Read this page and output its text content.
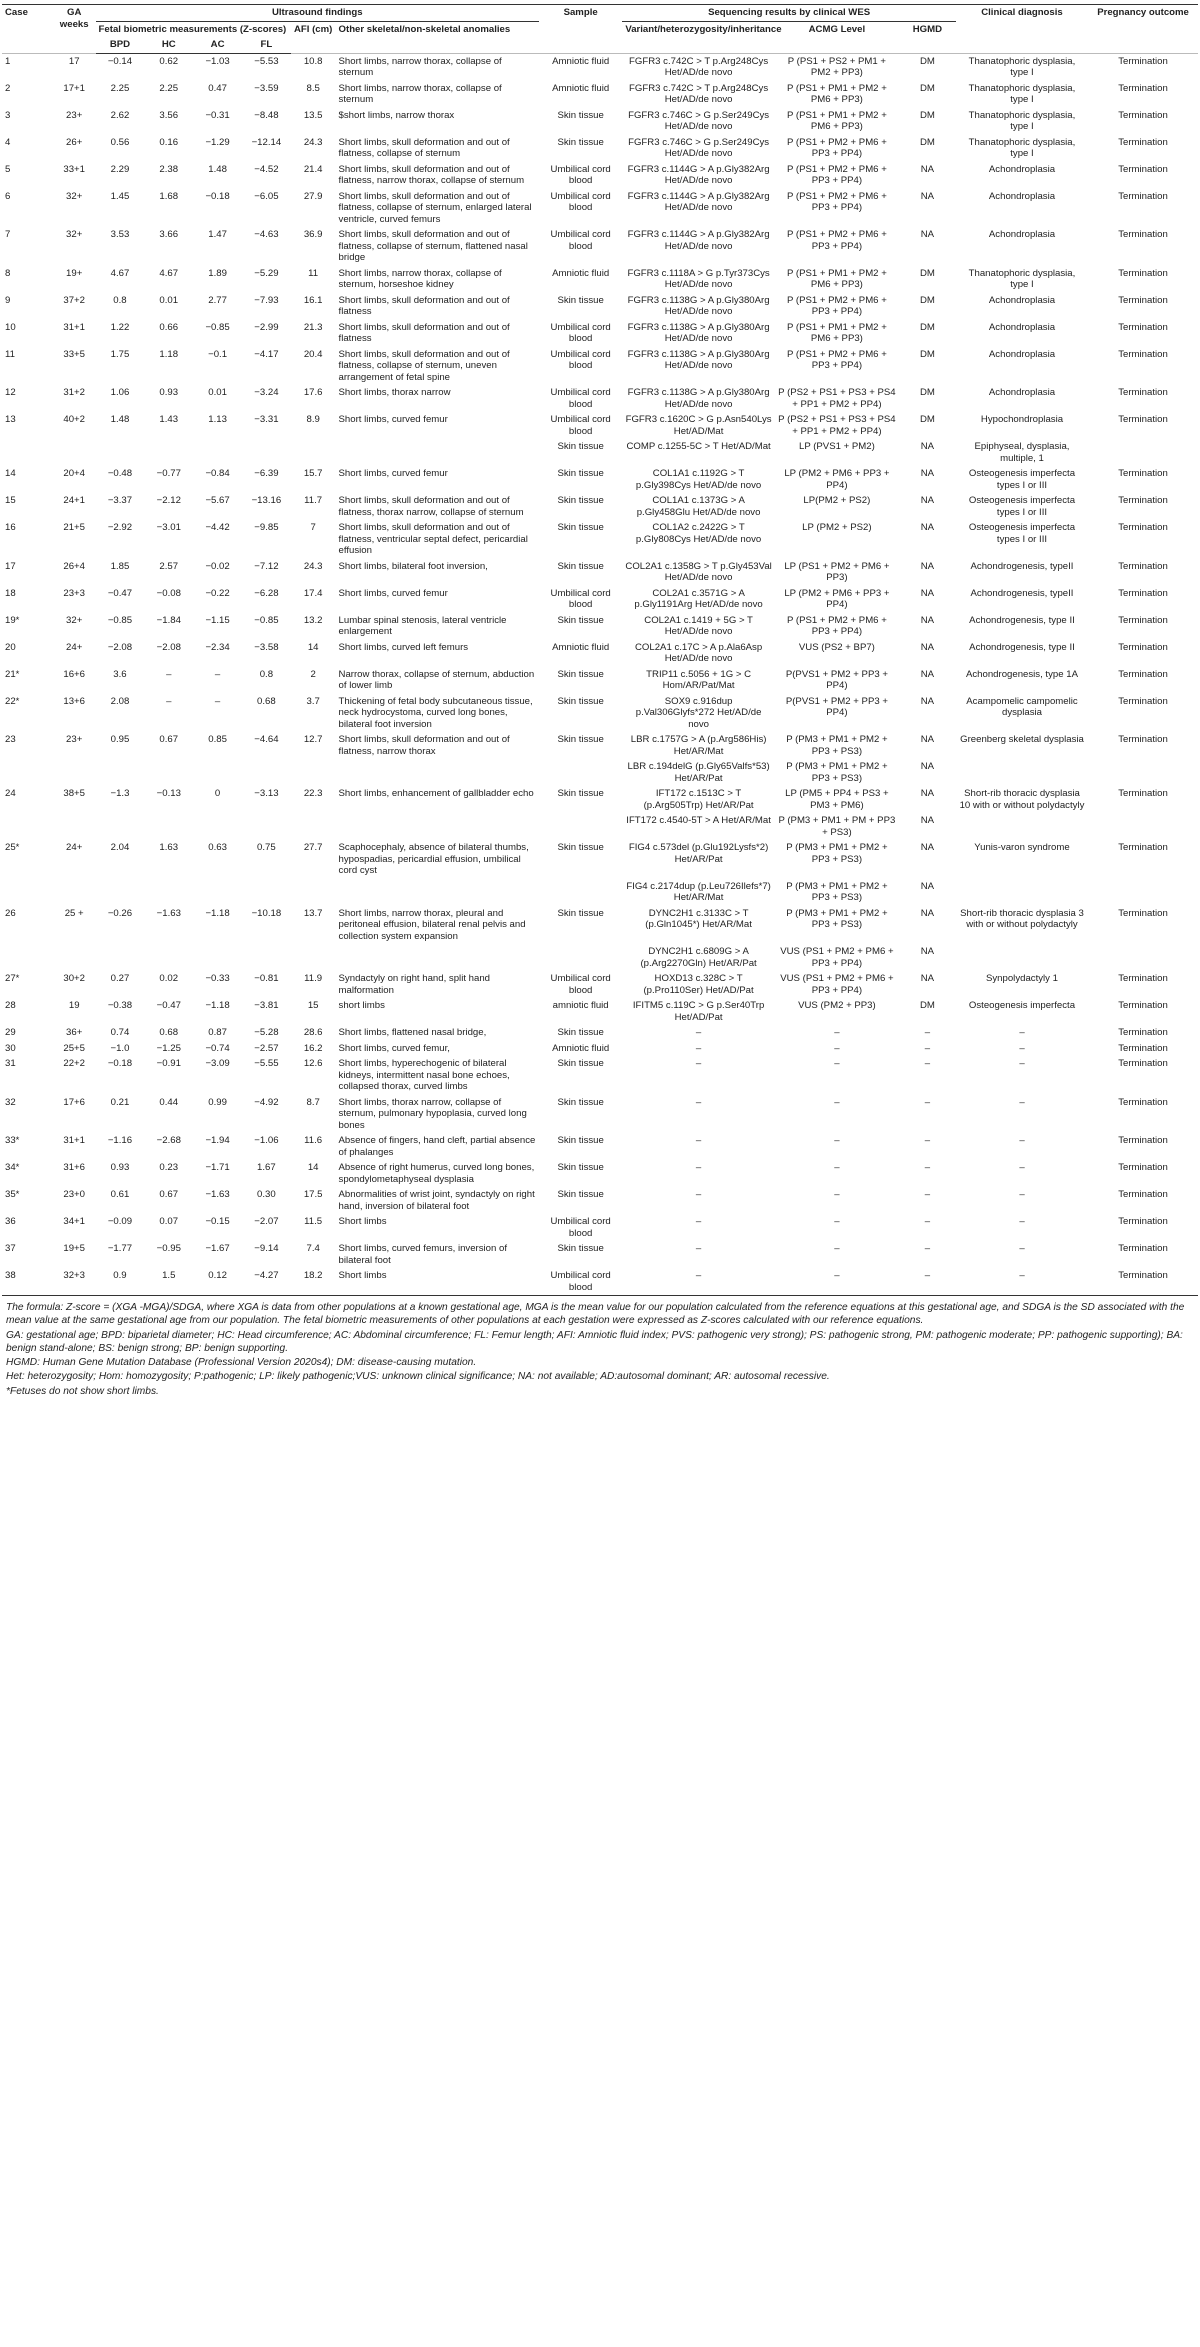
Case	GA weeks	Ultrasound findings						Sample	Sequencing results by clinical WES			Clinical diagnosis	Pregnancy outcome
		Fetal biometric measurements (Z-scores)				AFI (cm)	Other skeletal/non-skeletal anomalies		Variant/heterozygosity/inheritance	ACMG Level	HGMD		
		BPD	HC	AC	FL								
1	17	−0.14	0.62	−1.03	−5.53	10.8	Short limbs, narrow thorax, collapse of sternum	Amniotic fluid	FGFR3 c.742C > T p.Arg248Cys Het/AD/de novo	P (PS1 + PS2 + PM1 + PM2 + PP3)	DM	Thanatophoric dysplasia, type I	Termination
2	17+1	2.25	2.25	0.47	−3.59	8.5	Short limbs, narrow thorax, collapse of sternum	Amniotic fluid	FGFR3 c.742C > T p.Arg248Cys Het/AD/de novo	P (PS1 + PM1 + PM2 + PM6 + PP3)	DM	Thanatophoric dysplasia, type I	Termination
3	23+	2.62	3.56	−0.31	−8.48	13.5	$short limbs, narrow thorax	Skin tissue	FGFR3 c.746C > G p.Ser249Cys Het/AD/de novo	P (PS1 + PM1 + PM2 + PM6 + PP3)	DM	Thanatophoric dysplasia, type I	Termination
4	26+	0.56	0.16	−1.29	−12.14	24.3	Short limbs, skull deformation and out of flatness, collapse of sternum	Skin tissue	FGFR3 c.746C > G p.Ser249Cys Het/AD/de novo	P (PS1 + PM2 + PM6 + PP3 + PP4)	DM	Thanatophoric dysplasia, type I	Termination
5	33+1	2.29	2.38	1.48	−4.52	21.4	Short limbs, skull deformation and out of flatness, narrow thorax, collapse of sternum	Umbilical cord blood	FGFR3 c.1144G > A p.Gly382Arg Het/AD/de novo	P (PS1 + PM2 + PM6 + PP3 + PP4)	NA	Achondroplasia	Termination
6	32+	1.45	1.68	−0.18	−6.05	27.9	Short limbs, skull deformation and out of flatness, collapse of sternum, enlarged lateral ventricle, curved femurs	Umbilical cord blood	FGFR3 c.1144G > A p.Gly382Arg Het/AD/de novo	P (PS1 + PM2 + PM6 + PP3 + PP4)	NA	Achondroplasia	Termination
7	32+	3.53	3.66	1.47	−4.63	36.9	Short limbs, skull deformation and out of flatness, collapse of sternum, flattened nasal bridge	Umbilical cord blood	FGFR3 c.1144G > A p.Gly382Arg Het/AD/de novo	P (PS1 + PM2 + PM6 + PP3 + PP4)	NA	Achondroplasia	Termination
8	19+	4.67	4.67	1.89	−5.29	11	Short limbs, narrow thorax, collapse of sternum, horseshoe kidney	Amniotic fluid	FGFR3 c.1118A > G p.Tyr373Cys Het/AD/de novo	P (PS1 + PM1 + PM2 + PM6 + PP3)	DM	Thanatophoric dysplasia, type I	Termination
9	37+2	0.8	0.01	2.77	−7.93	16.1	Short limbs, skull deformation and out of flatness	Skin tissue	FGFR3 c.1138G > A p.Gly380Arg Het/AD/de novo	P (PS1 + PM2 + PM6 + PP3 + PP4)	DM	Achondroplasia	Termination
10	31+1	1.22	0.66	−0.85	−2.99	21.3	Short limbs, skull deformation and out of flatness	Umbilical cord blood	FGFR3 c.1138G > A p.Gly380Arg Het/AD/de novo	P (PS1 + PM1 + PM2 + PM6 + PP3)	DM	Achondroplasia	Termination
11	33+5	1.75	1.18	−0.1	−4.17	20.4	Short limbs, skull deformation and out of flatness, collapse of sternum, uneven arrangement of fetal spine	Umbilical cord blood	FGFR3 c.1138G > A p.Gly380Arg Het/AD/de novo	P (PS1 + PM2 + PM6 + PP3 + PP4)	DM	Achondroplasia	Termination
12	31+2	1.06	0.93	0.01	−3.24	17.6	Short limbs, thorax narrow	Umbilical cord blood	FGFR3 c.1138G > A p.Gly380Arg Het/AD/de novo	P (PS2 + PS1 + PS3 + PS4 + PP1 + PM2 + PP4)	DM	Achondroplasia	Termination
13	40+2	1.48	1.43	1.13	−3.31	8.9	Short limbs, curved femur	Umbilical cord blood	FGFR3 c.1620C > G p.Asn540Lys Het/AD/Mat	P (PS2 + PS1 + PS3 + PS4 + PP1 + PM2 + PP4)	DM	Hypochondroplasia	Termination
								Skin tissue	COMP c.1255-5C > T Het/AD/Mat	LP (PVS1 + PM2)	NA	Epiphyseal, dysplasia, multiple, 1	
14	20+4	−0.48	−0.77	−0.84	−6.39	15.7	Short limbs, curved femur	Skin tissue	COL1A1 c.1192G > T p.Gly398Cys Het/AD/de novo	LP (PM2 + PM6 + PP3 + PP4)	NA	Osteogenesis imperfecta types I or III	Termination
15	24+1	−3.37	−2.12	−5.67	−13.16	11.7	Short limbs, skull deformation and out of flatness, thorax narrow, collapse of sternum	Skin tissue	COL1A1 c.1373G > A p.Gly458Glu Het/AD/de novo	LP(PM2 + PS2)	NA	Osteogenesis imperfecta types I or III	Termination
16	21+5	−2.92	−3.01	−4.42	−9.85	7	Short limbs, skull deformation and out of flatness, ventricular septal defect, pericardial effusion	Skin tissue	COL1A2 c.2422G > T p.Gly808Cys Het/AD/de novo	LP (PM2 + PS2)	NA	Osteogenesis imperfecta types I or III	Termination
17	26+4	1.85	2.57	−0.02	−7.12	24.3	Short limbs, bilateral foot inversion,	Skin tissue	COL2A1 c.1358G > T p.Gly453Val Het/AD/de novo	LP (PS1 + PM2 + PM6 + PP3)	NA	Achondrogenesis, typeII	Termination
18	23+3	−0.47	−0.08	−0.22	−6.28	17.4	Short limbs, curved femur	Umbilical cord blood	COL2A1 c.3571G > A p.Gly1191Arg Het/AD/de novo	LP (PM2 + PM6 + PP3 + PP4)	NA	Achondrogenesis, typeII	Termination
19*	32+	−0.85	−1.84	−1.15	−0.85	13.2	Lumbar spinal stenosis, lateral ventricle enlargement	Skin tissue	COL2A1 c.1419 + 5G > T Het/AD/de novo	P (PS1 + PM2 + PM6 + PP3 + PP4)	NA	Achondrogenesis, type II	Termination
20	24+	−2.08	−2.08	−2.34	−3.58	14	Short limbs, curved left femurs	Amniotic fluid	COL2A1 c.17C > A p.Ala6Asp Het/AD/de novo	VUS (PS2 + BP7)	NA	Achondrogenesis, type II	Termination
21*	16+6	3.6	–	–	0.8	2	Narrow thorax, collapse of sternum, abduction of lower limb	Skin tissue	TRIP11 c.5056 + 1G > C Hom/AR/Pat/Mat	P(PVS1 + PM2 + PP3 + PP4)	NA	Achondrogenesis, type 1A	Termination
22*	13+6	2.08	–	–	0.68	3.7	Thickening of fetal body subcutaneous tissue, neck hydrocystoma, curved long bones, bilateral foot inversion	Skin tissue	SOX9 c.916dup p.Val306Glyfs*272 Het/AD/de novo	P(PVS1 + PM2 + PP3 + PP4)	NA	Acampomelic campomelic dysplasia	Termination
23	23+	0.95	0.67	0.85	−4.64	12.7	Short limbs, skull deformation and out of flatness, narrow thorax	Skin tissue	LBR c.1757G > A (p.Arg586His) Het/AR/Mat	P (PM3 + PM1 + PM2 + PP3 + PS3)	NA	Greenberg skeletal dysplasia	Termination
									LBR c.194delG (p.Gly65Valfs*53) Het/AR/Pat	P (PM3 + PM1 + PM2 + PP3 + PS3)	NA		
24	38+5	−1.3	−0.13	0	−3.13	22.3	Short limbs, enhancement of gallbladder echo	Skin tissue	IFT172 c.1513C > T (p.Arg505Trp) Het/AR/Pat	LP (PM5 + PP4 + PS3 + PM3 + PM6)	NA	Short-rib thoracic dysplasia 10 with or without polydactyly	Termination
									IFT172 c.4540-5T > A Het/AR/Mat	P (PM3 + PM1 + PM + PP3 + PS3)	NA		
25*	24+	2.04	1.63	0.63	0.75	27.7	Scaphocephaly, absence of bilateral thumbs, hypospadias, pericardial effusion, umbilical cord cyst	Skin tissue	FIG4 c.573del (p.Glu192Lysfs*2) Het/AR/Pat	P (PM3 + PM1 + PM2 + PP3 + PS3)	NA	Yunis-varon syndrome	Termination
									FIG4 c.2174dup (p.Leu726Ilefs*7) Het/AR/Mat	P (PM3 + PM1 + PM2 + PP3 + PS3)	NA		
26	25 +	−0.26	−1.63	−1.18	−10.18	13.7	Short limbs, narrow thorax, pleural and peritoneal effusion, bilateral renal pelvis and collection system expansion	Skin tissue	DYNC2H1 c.3133C > T (p.Gln1045*) Het/AR/Mat	P (PM3 + PM1 + PM2 + PP3 + PS3)	NA	Short-rib thoracic dysplasia 3 with or without polydactyly	Termination
									DYNC2H1 c.6809G > A (p.Arg2270Gln) Het/AR/Pat	VUS (PS1 + PM2 + PM6 + PP3 + PP4)	NA		
27*	30+2	0.27	0.02	−0.33	−0.81	11.9	Syndactyly on right hand, split hand malformation	Umbilical cord blood	HOXD13 c.328C > T (p.Pro110Ser) Het/AD/Pat	VUS (PS1 + PM2 + PM6 + PP3 + PP4)	NA	Synpolydactyly 1	Termination
28	19	−0.38	−0.47	−1.18	−3.81	15	short limbs	amniotic fluid	IFITM5 c.119C > G p.Ser40Trp Het/AD/Pat	VUS (PM2 + PP3)	DM	Osteogenesis imperfecta	Termination
29	36+	0.74	0.68	0.87	−5.28	28.6	Short limbs, flattened nasal bridge,	Skin tissue	–	–	–	–	Termination
30	25+5	−1.0	−1.25	−0.74	−2.57	16.2	Short limbs, curved femur,	Amniotic fluid	–	–	–	–	Termination
31	22+2	−0.18	−0.91	−3.09	−5.55	12.6	Short limbs, hyperechogenic of bilateral kidneys, intermittent nasal bone echoes, collapsed thorax, curved limbs	Skin tissue	–	–	–	–	Termination
32	17+6	0.21	0.44	0.99	−4.92	8.7	Short limbs, thorax narrow, collapse of sternum, pulmonary hypoplasia, curved long bones	Skin tissue	–	–	–	–	Termination
33*	31+1	−1.16	−2.68	−1.94	−1.06	11.6	Absence of fingers, hand cleft, partial absence of phalanges	Skin tissue	–	–	–	–	Termination
34*	31+6	0.93	0.23	−1.71	1.67	14	Absence of right humerus, curved long bones, spondylometaphyseal dysplasia	Skin tissue	–	–	–	–	Termination
35*	23+0	0.61	0.67	−1.63	0.30	17.5	Abnormalities of wrist joint, syndactyly on right hand, inversion of bilateral foot	Skin tissue	–	–	–	–	Termination
36	34+1	−0.09	0.07	−0.15	−2.07	11.5	Short limbs	Umbilical cord blood	–	–	–	–	Termination
37	19+5	−1.77	−0.95	−1.67	−9.14	7.4	Short limbs, curved femurs, inversion of bilateral foot	Skin tissue	–	–	–	–	Termination
38	32+3	0.9	1.5	0.12	−4.27	18.2	Short limbs	Umbilical cord blood	–	–	–	–	Termination

The formula: Z-score = (XGA -MGA)/SDGA, where XGA is data from other populations at a known gestational age, MGA is the mean value for our population calculated from the reference equations at this gestational age, and SDGA is the SD associated with the mean value at the same gestational age from our population. The fetal biometric measurements of other populations at each gestation were expressed as Z-scores calculated with our reference equations.

GA: gestational age; BPD: biparietal diameter; HC: Head circumference; AC: Abdominal circumference; FL: Femur length; AFI: Amniotic fluid index; PVS: pathogenic very strong); PS: pathogenic strong, PM: pathogenic moderate; PP: pathogenic supporting); BA: benign stand-alone; BS: benign strong; BP: benign supporting.

HGMD: Human Gene Mutation Database (Professional Version 2020s4); DM: disease-causing mutation.

Het: heterozygosity; Hom: homozygosity; P:pathogenic; LP: likely pathogenic;VUS: unknown clinical significance; NA: not available; AD:autosomal dominant; AR: autosomal recessive.

*Fetuses do not show short limbs.
